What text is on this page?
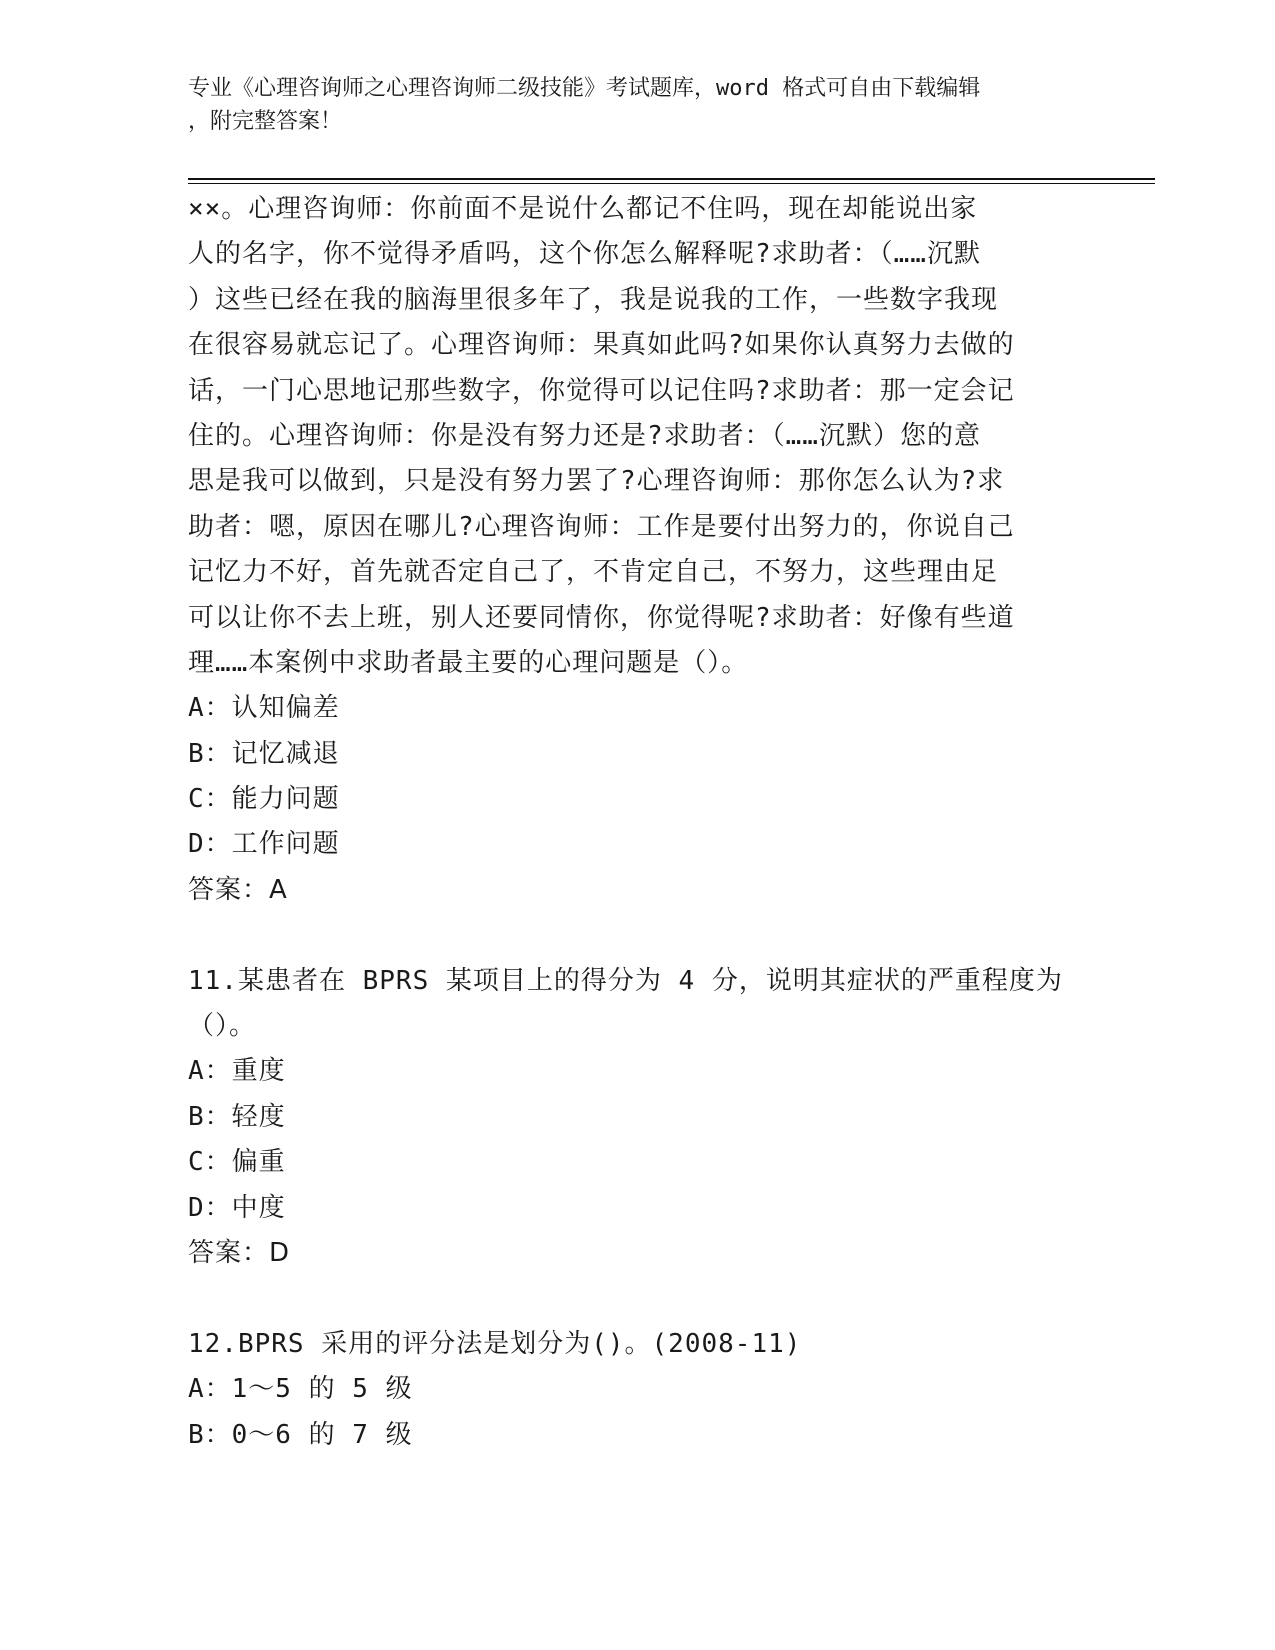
专业《心理咨询师之心理咨询师二级技能》考试题库，word 格式可自由下载编辑
，附完整答案！
××。心理咨询师：你前面不是说什么都记不住吗，现在却能说出家
人的名字，你不觉得矛盾吗，这个你怎么解释呢?求助者：（……沉默
）这些已经在我的脑海里很多年了，我是说我的工作，一些数字我现
在很容易就忘记了。心理咨询师：果真如此吗?如果你认真努力去做的
话，一门心思地记那些数字，你觉得可以记住吗?求助者：那一定会记
住的。心理咨询师：你是没有努力还是?求助者：（……沉默）您的意
思是我可以做到，只是没有努力罢了?心理咨询师：那你怎么认为?求
助者：嗯，原因在哪儿?心理咨询师：工作是要付出努力的，你说自己
记忆力不好，首先就否定自己了，不肯定自己，不努力，这些理由足
可以让你不去上班，别人还要同情你，你觉得呢?求助者：好像有些道
理……本案例中求助者最主要的心理问题是（）。
A：认知偏差
B：记忆减退
C：能力问题
D：工作问题
答案：A
11.某患者在 BPRS 某项目上的得分为 4 分，说明其症状的严重程度为
（）。
A：重度
B：轻度
C：偏重
D：中度
答案：D
12.BPRS 采用的评分法是划分为()。(2008-11)
A：1～5 的 5 级
B：0～6 的 7 级
